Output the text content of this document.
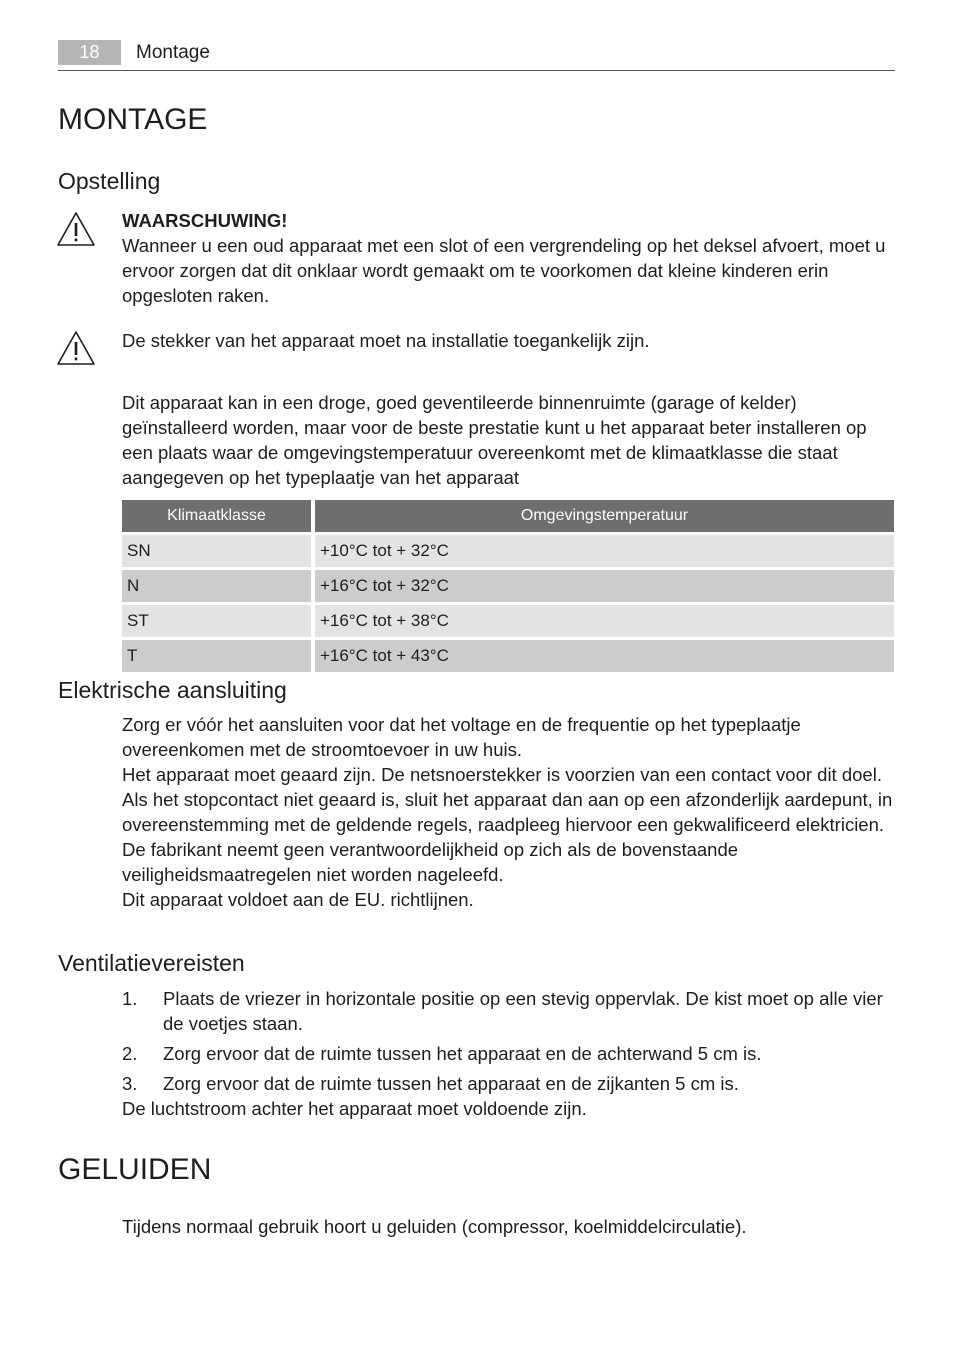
18	Montage
MONTAGE
Opstelling

WAARSCHUWING!

Wanneer u een oud apparaat met een slot of een vergrendeling op het deksel afvoert, moet u ervoor zorgen dat dit onklaar wordt gemaakt om te voorkomen dat kleine kinderen erin opgesloten raken.

De stekker van het apparaat moet na installatie toegankelijk zijn.

Dit apparaat kan in een droge, goed geventileerde binnenruimte (garage of kelder) geïnstalleerd worden, maar voor de beste prestatie kunt u het apparaat beter installeren op een plaats waar de omgevingstemperatuur overeenkomt met de klimaatklasse die staat aangegeven op het typeplaatje van het apparaat

Klimaatklasse	Omgevingstemperatuur
SN	+10°C tot + 32°C
N	+16°C tot + 32°C
ST	+16°C tot + 38°C
T	+16°C tot + 43°C
Elektrische aansluiting

Zorg er vóór het aansluiten voor dat het voltage en de frequentie op het typeplaatje overeenkomen met de stroomtoevoer in uw huis.

Het apparaat moet geaard zijn. De netsnoerstekker is voorzien van een contact voor dit doel. Als het stopcontact niet geaard is, sluit het apparaat dan aan op een afzonderlijk aardepunt, in overeenstemming met de geldende regels, raadpleeg hiervoor een gekwalificeerd elektricien.

De fabrikant neemt geen verantwoordelijkheid op zich als de bovenstaande veiligheidsmaatregelen niet worden nageleefd.

Dit apparaat voldoet aan de EU. richtlijnen.

Ventilatievereisten
1. Plaats de vriezer in horizontale positie op een stevig oppervlak. De kist moet op alle vier de voetjes staan.
2. Zorg ervoor dat de ruimte tussen het apparaat en de achterwand 5 cm is.
3. Zorg ervoor dat de ruimte tussen het apparaat en de zijkanten 5 cm is.
De luchtstroom achter het apparaat moet voldoende zijn.
GELUIDEN

Tijdens normaal gebruik hoort u geluiden (compressor, koelmiddelcirculatie).
